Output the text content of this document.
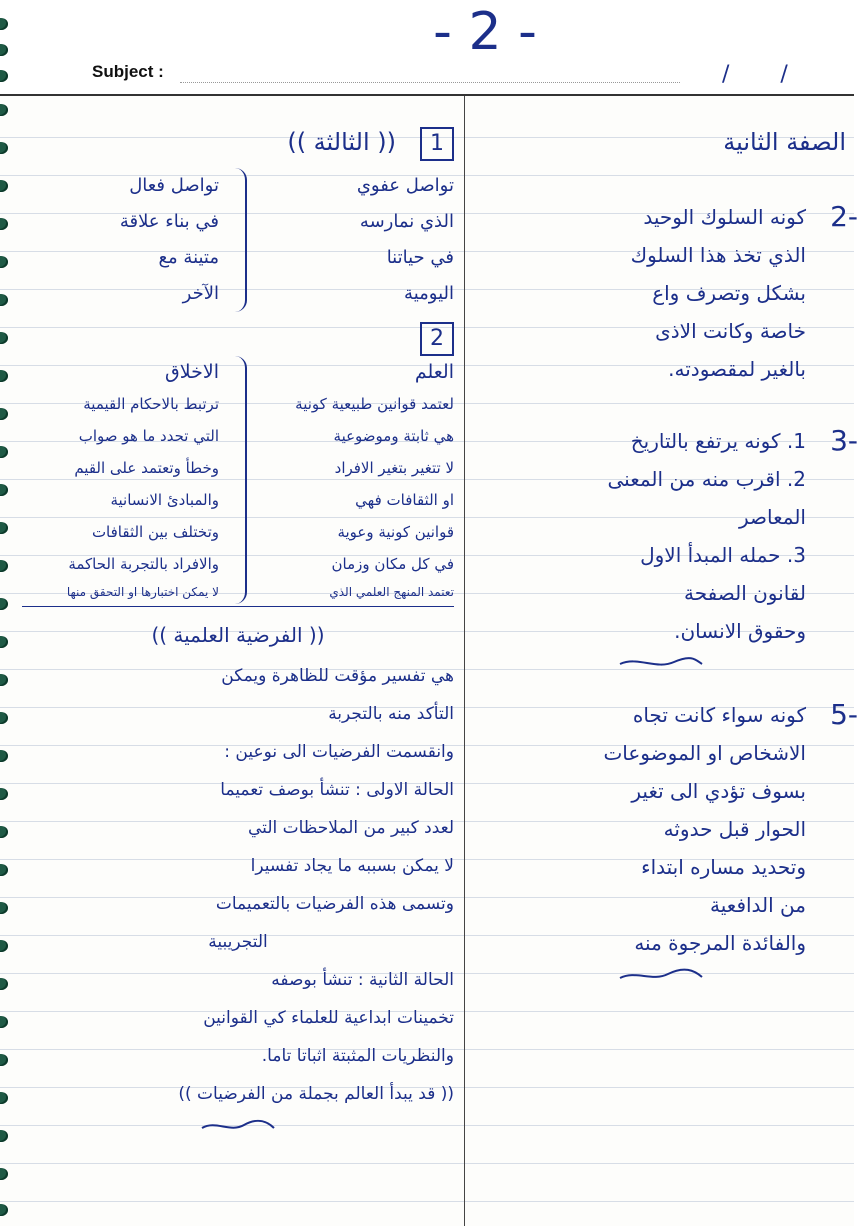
- 2 -
Subject :	/ /

الصفة الثانية

2-

كونه السلوك الوحيد

الذي تخذ هذا السلوك

بشكل وتصرف واع

خاصة وكانت الاذى

بالغير لمقصودته.

3-

1. كونه يرتفع بالتاريخ

2. اقرب منه من المعنى

المعاصر

3. حمله المبدأ الاول

لقانون الصفحة

وحقوق الانسان.

5-

كونه سواء كانت تجاه

الاشخاص او الموضوعات

بسوف تؤدي الى تغير

الحوار قبل حدوثه

وتحديد مساره ابتداء

من الدافعية

والفائدة المرجوة منه

1
(( الثالثة ))

تواصل عفوي

الذي نمارسه

في حياتنا

اليومية

تواصل فعال

في بناء علاقة

متينة مع

الآخر

2

العلم

لعتمد قوانين طبيعية كونية

هي ثابتة وموضوعية

لا تتغير بتغير الافراد

او الثقافات فهي

قوانين كونية وعوية

في كل مكان وزمان

تعتمد المنهج العلمي الذي

الاخلاق

ترتبط بالاحكام القيمية

التي تحدد ما هو صواب

وخطأ وتعتمد على القيم

والمبادئ الانسانية

وتختلف بين الثقافات

والافراد بالتجربة الحاكمة

لا يمكن اختبارها او التحقق منها

(( الفرضية العلمية ))

هي تفسير مؤقت للظاهرة ويمكن

التأكد منه بالتجربة

وانقسمت الفرضيات الى نوعين :

الحالة الاولى : تنشأ بوصف تعميما

لعدد كبير من الملاحظات التي

لا يمكن بسببه ما يجاد تفسيرا

وتسمى هذه الفرضيات بالتعميمات

التجريبية

الحالة الثانية : تنشأ بوصفه

تخمينات ابداعية للعلماء كي القوانين

والنظريات المثبتة اثباتا تاما.

(( قد يبدأ العالم بجملة من الفرضيات ))
